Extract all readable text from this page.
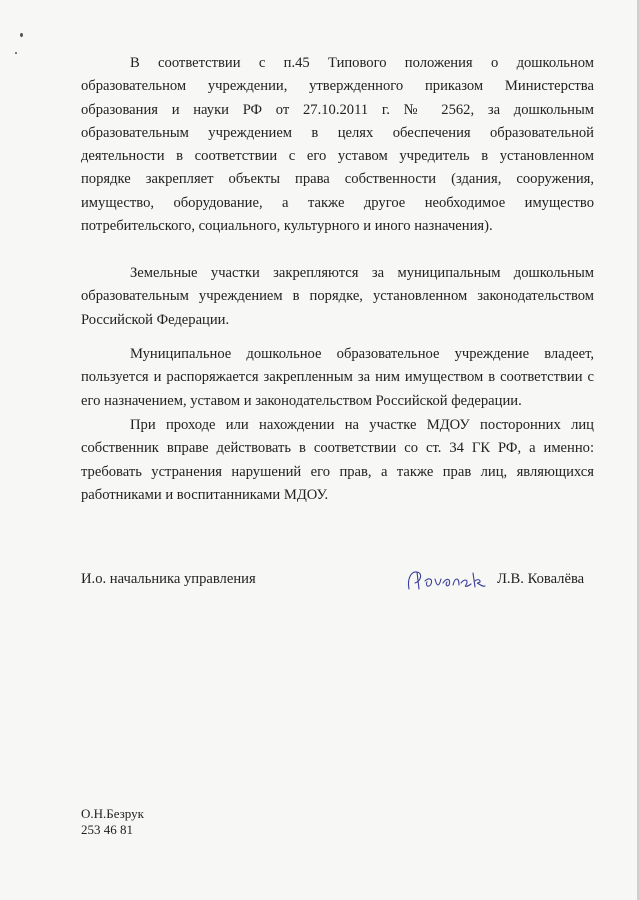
В соответствии с п.45 Типового положения о дошкольном
образовательном учреждении, утвержденного приказом Министерства
образования и науки РФ от 27.10.2011 г. № 2562, за дошкольным
образовательным учреждением в целях обеспечения образовательной
деятельности в соответствии с его уставом учредитель в установленном
порядке закрепляет объекты права собственности (здания, сооружения,
имущество, оборудование, а также другое необходимое имущество
потребительского, социального, культурного и иного назначения).
Земельные участки закрепляются за муниципальным дошкольным
образовательным учреждением в порядке, установленном законодательством
Российской Федерации.
Муниципальное дошкольное образовательное учреждение владеет,
пользуется и распоряжается закрепленным за ним имуществом в соответствии с
его назначением, уставом и законодательством Российской федерации.
При проходе или нахождении на участке МДОУ посторонних лиц
собственник вправе действовать в соответствии со ст. 34 ГК РФ, а именно:
требовать устранения нарушений его прав, а также прав лиц, являющихся
работниками и воспитанниками МДОУ.
И.о. начальника управления	Л.В. Ковалёва
О.Н.Безрук
253 46 81
